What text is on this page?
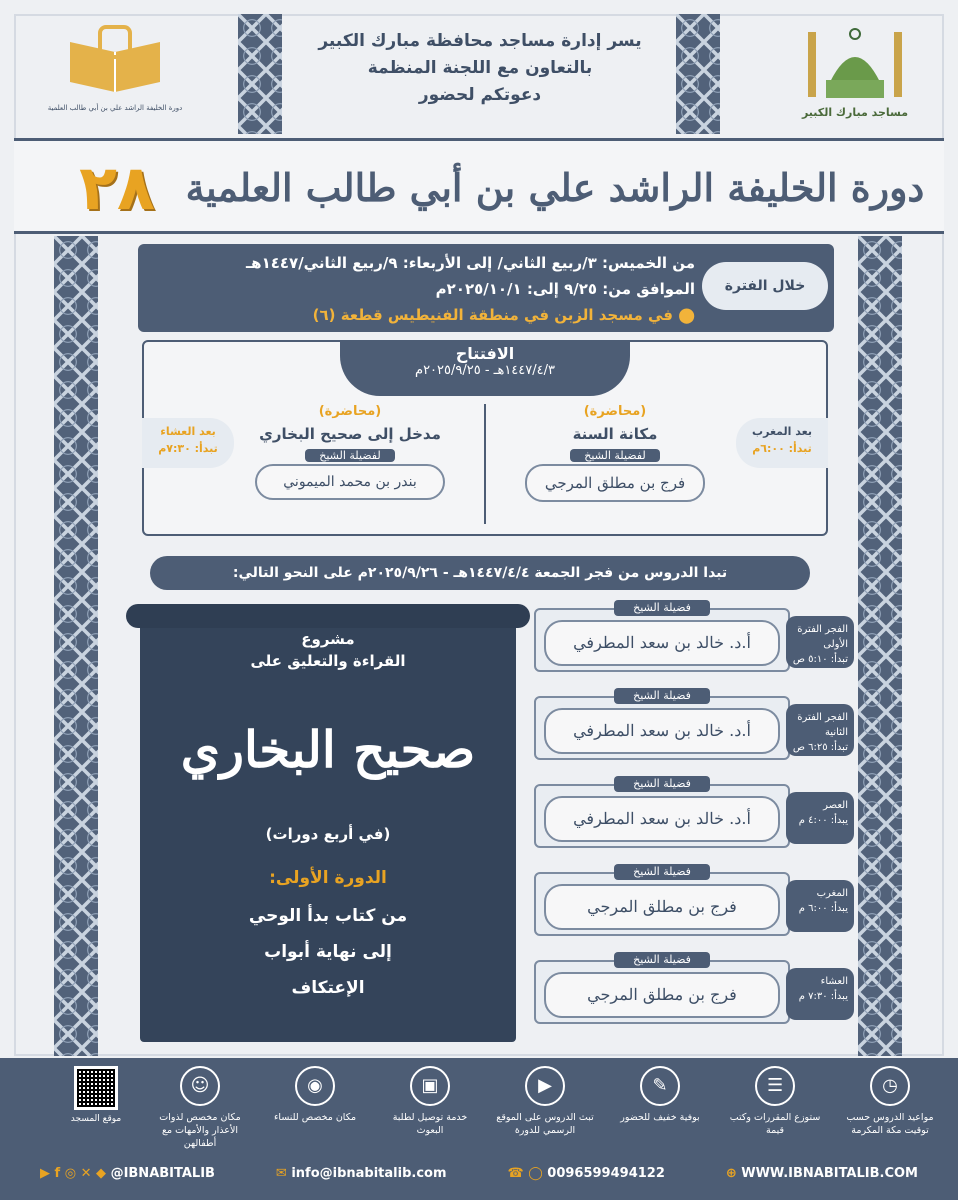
يسر إدارة مساجد محافظة مبارك الكبير
بالتعاون مع اللجنة المنظمة
دعوتكم لحضور
مساجد مبارك الكبير
دورة الخليفة الراشد علي بن أبي طالب العلمية
دورة الخليفة الراشد علي بن أبي طالب العلمية
٢٨
خلال الفترة
من الخميس: ٣/ربيع الثاني/ إلى الأربعاء: ٩/ربيع الثاني/١٤٤٧هـ
الموافق من: ٩/٢٥ إلى: ٢٠٢٥/١٠/١م
⬤ في مسجد الزبن في منطقة الفنيطيس قطعة (٦)
الافتتاح
١٤٤٧/٤/٣هـ - ٢٠٢٥/٩/٢٥م
(محاضرة)
مكانة السنة
لفضيلة الشيخ
فرج بن مطلق المرجي
بعد المغرب
تبدأ: ٦:٠٠م
(محاضرة)
مدخل إلى صحيح البخاري
لفضيلة الشيخ
بندر بن محمد الميموني
بعد العشاء
تبدأ: ٧:٣٠م
تبدا الدروس من فجر الجمعة ١٤٤٧/٤/٤هـ - ٢٠٢٥/٩/٢٦م على النحو التالي:
مشروع
القراءة والتعليق على
صحيح البخاري
(في أربع دورات)
الدورة الأولى:
من كتاب بدأ الوحي
إلى نهاية أبواب
الإعتكاف
فضيلة الشيخ
أ.د. خالد بن سعد المطرفي
الفجر الفترة الأولى
تبدأ: ٥:١٠ ص
فضيلة الشيخ
أ.د. خالد بن سعد المطرفي
الفجر الفترة الثانية
تبدأ: ٦:٢٥ ص
فضيلة الشيخ
أ.د. خالد بن سعد المطرفي
العصر
يبدأ: ٤:٠٠ م
فضيلة الشيخ
فرج بن مطلق المرجي
المغرب
يبدأ: ٦:٠٠ م
فضيلة الشيخ
فرج بن مطلق المرجي
العشاء
يبدأ: ٧:٣٠ م
◷
مواعيد الدروس حسب توقيت مكة المكرمة
☰
ستوزع المقررات وكتب قيمة
✎
بوفية خفيف للحضور
▶
تبث الدروس على الموقع الرسمي للدورة
▣
خدمة توصيل لطلبة البعوث
◉
مكان مخصص للنساء
☺
مكان مخصص لذوات الأعذار والأمهات مع أطفالهن
موقع المسجد
▶ f ◎ ✕ ◆ @IBNABITALIB	✉ info@ibnabitalib.com	☎ ◯ 0096599494122	⊕ WWW.IBNABITALIB.COM
